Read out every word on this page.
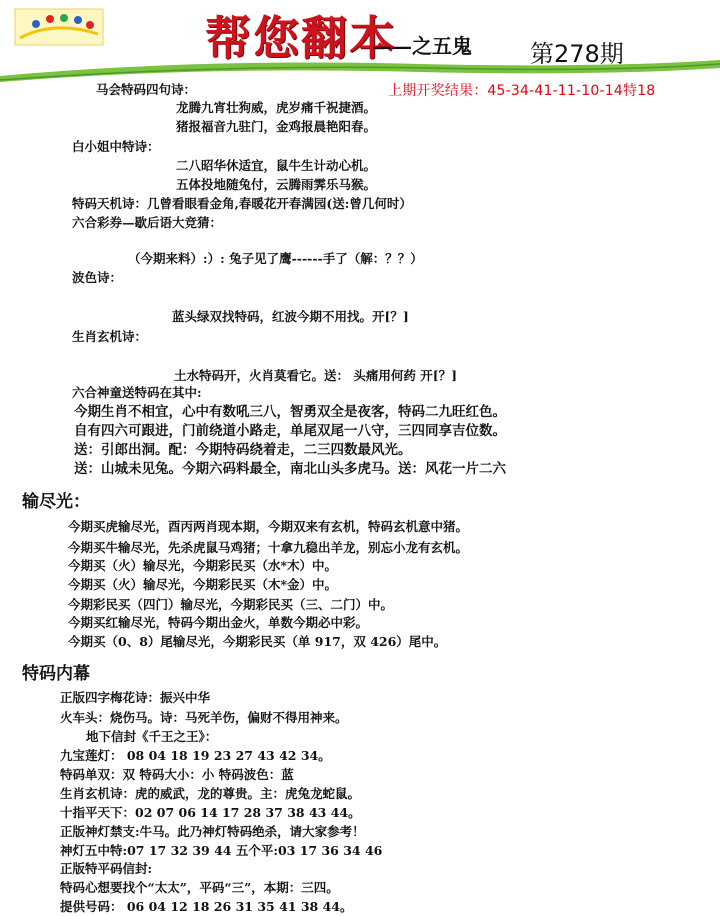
帮您翻本
——之五鬼 第278期
上期开奖结果：45-34-41-11-10-14特18
马会特码四句诗：
龙腾九宵壮狗威，虎岁痛千祝捷酒。
猪报福音九驻门，金鸡报晨艳阳春。
白小姐中特诗：
二八昭华休适宜，鼠牛生计动心机。
五体投地随兔付，云腾雨霁乐马猴。
特码天机诗：几曾看眼看金角,春暖花开春满园(送:曾几何时）
六合彩券—歇后语大竞猜：
（今期来料）:）: 兔子见了鹰------手了（解：？？）
波色诗：
蓝头绿双找特码，红波今期不用找。开[？]
生肖玄机诗：
土水特码开，火肖莫看它。送： 头痛用何药 开[？]
六合神童送特码在其中:
今期生肖不相宜，心中有数吼三八，智勇双全是夜客，特码二九旺红色。
自有四六可跟进，门前绕道小路走，单尾双尾一八守，三四同享吉位数。
送：引郎出洞。配：今期特码绕着走，二三四数最风光。
送：山城未见兔。今期六码料最全，南北山头多虎马。送：风花一片二六
输尽光：
今期买虎输尽光，酉丙两肖现本期，今期双来有玄机，特码玄机意中猪。
今期买牛输尽光，先杀虎鼠马鸡猪；十拿九稳出羊龙，别忘小龙有玄机。
今期买（火）输尽光，今期彩民买（水*木）中。
今期买（火）输尽光，今期彩民买（木*金）中。
今期彩民买（四门）输尽光，今期彩民买（三、二门）中。
今期买红输尽光，特码今期出金火，单数今期必中彩。
今期买（0、8）尾输尽光，今期彩民买（单 917，双 426）尾中。
特码内幕
正版四字梅花诗：振兴中华
火车头：烧伤马。诗：马死羊伤，偏财不得用神来。
地下信封《千王之王》：
九宝莲灯： 08 04 18 19 23 27 43 42 34。
特码单双：双 特码大小：小 特码波色：蓝
生肖玄机诗：虎的威武，龙的尊贵。主：虎兔龙蛇鼠。
十指平天下：02 07 06 14 17 28 37 38 43 44。
正版神灯禁支:牛马。此乃神灯特码绝杀，请大家参考！
神灯五中特:07 17 32 39 44 五个平:03 17 36 34 46
正版特平码信封:
特码心想要找个“太太”，平码“三”，本期：三四。
提供号码： 06 04 12 18 26 31 35 41 38 44。
